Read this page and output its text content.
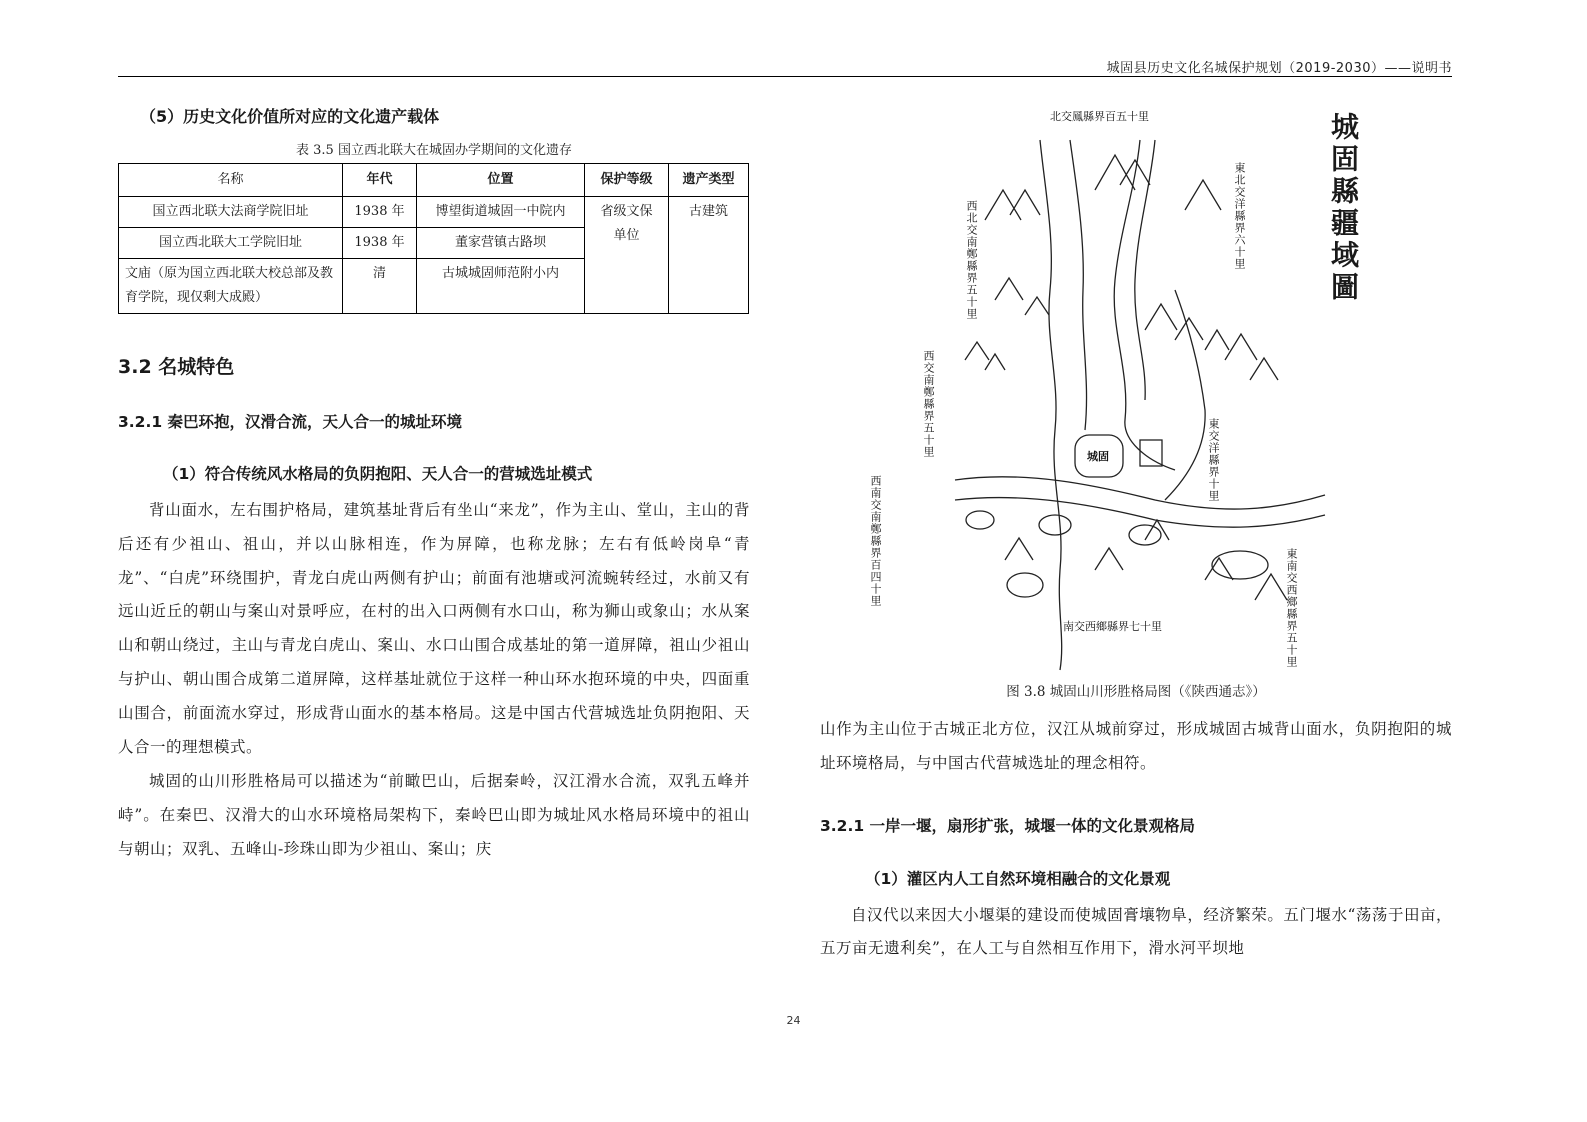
城固县历史文化名城保护规划（2019-2030）——说明书
（5）历史文化价值所对应的文化遗产载体
表 3.5 国立西北联大在城固办学期间的文化遗存
名称	年代	位置	保护等级	遗产类型
国立西北联大法商学院旧址	1938 年	博望街道城固一中院内	省级文保单位	古建筑
国立西北联大工学院旧址	1938 年	董家营镇古路坝		
文庙（原为国立西北联大校总部及教育学院，现仅剩大成殿）	清	古城城固师范附小内		
3.2 名城特色
3.2.1 秦巴环抱，汉滑合流，天人合一的城址环境
（1）符合传统风水格局的负阴抱阳、天人合一的营城选址模式

背山面水，左右围护格局，建筑基址背后有坐山“来龙”，作为主山、堂山，主山的背后还有少祖山、祖山，并以山脉相连，作为屏障，也称龙脉；左右有低岭岗阜“青龙”、“白虎”环绕围护，青龙白虎山两侧有护山；前面有池塘或河流蜿转经过，水前又有远山近丘的朝山与案山对景呼应，在村的出入口两侧有水口山，称为狮山或象山；水从案山和朝山绕过，主山与青龙白虎山、案山、水口山围合成基址的第一道屏障，祖山少祖山与护山、朝山围合成第二道屏障，这样基址就位于这样一种山环水抱环境的中央，四面重山围合，前面流水穿过，形成背山面水的基本格局。这是中国古代营城选址负阴抱阳、天人合一的理想模式。

城固的山川形胜格局可以描述为“前瞰巴山，后据秦岭，汉江滑水合流，双乳五峰并峙”。在秦巴、汉滑大的山水环境格局架构下，秦岭巴山即为城址风水格局环境中的祖山与朝山；双乳、五峰山-珍珠山即为少祖山、案山；庆

城固縣疆域圖
北交鳳縣界百五十里
東北交洋縣界六十里
西北交南鄭縣界五十里
西交南鄭縣界五十里
東交洋縣界十里
西南交南鄭縣界百四十里
南交西鄉縣界七十里	東南交西鄉縣界五十里
城固
图 3.8 城固山川形胜格局图（《陕西通志》）

山作为主山位于古城正北方位，汉江从城前穿过，形成城固古城背山面水，负阴抱阳的城址环境格局，与中国古代营城选址的理念相符。

3.2.1 一岸一堰，扇形扩张，城堰一体的文化景观格局
（1）灌区内人工自然环境相融合的文化景观

自汉代以来因大小堰渠的建设而使城固膏壤物阜，经济繁荣。五门堰水“荡荡于田亩，五万亩无遗利矣”，在人工与自然相互作用下，滑水河平坝地

24
